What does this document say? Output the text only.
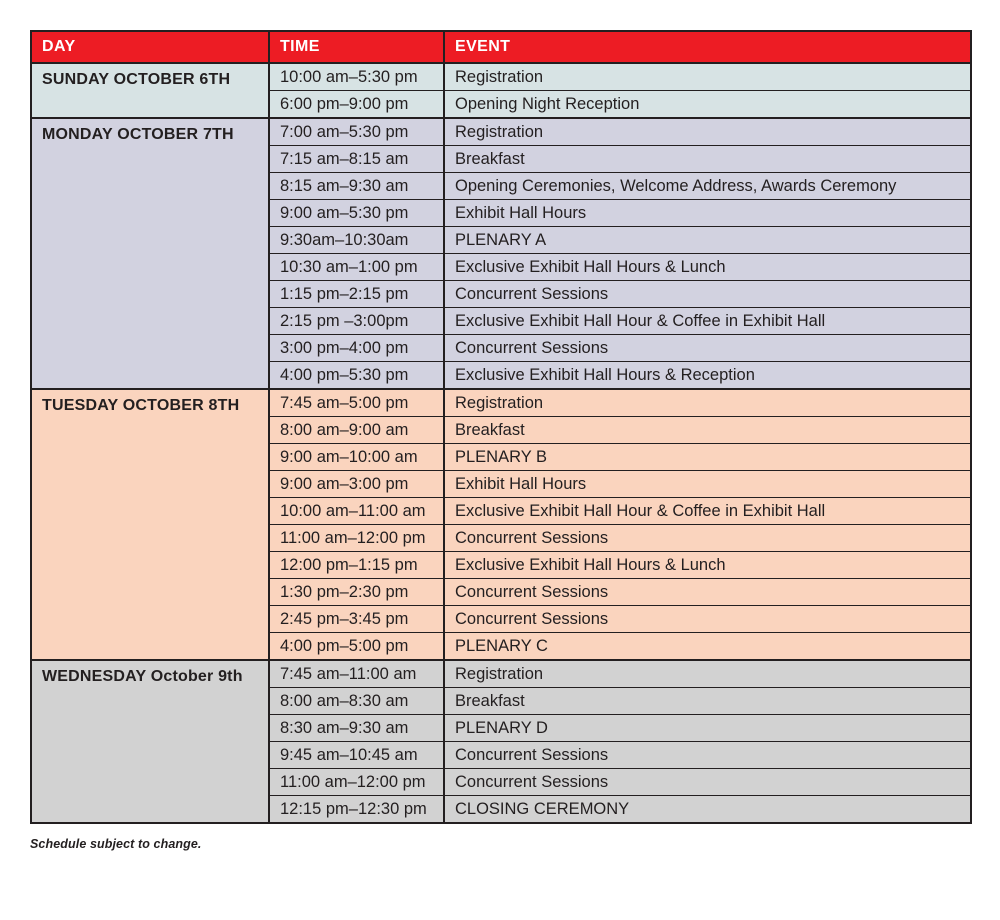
DAY	TIME	EVENT
SUNDAY OCTOBER 6TH	10:00 am–5:30 pm	Registration
	6:00 pm–9:00 pm	Opening Night Reception
MONDAY OCTOBER 7TH	7:00 am–5:30 pm	Registration
	7:15 am–8:15 am	Breakfast
	8:15 am–9:30 am	Opening Ceremonies, Welcome Address, Awards Ceremony
	9:00 am–5:30 pm	Exhibit Hall Hours
	9:30am–10:30am	PLENARY A
	10:30 am–1:00 pm	Exclusive Exhibit Hall Hours & Lunch
	1:15 pm–2:15 pm	Concurrent Sessions
	2:15 pm –3:00pm	Exclusive Exhibit Hall Hour & Coffee in Exhibit Hall
	3:00 pm–4:00 pm	Concurrent Sessions
	4:00 pm–5:30 pm	Exclusive Exhibit Hall Hours & Reception
TUESDAY OCTOBER 8TH	7:45 am–5:00 pm	Registration
	8:00 am–9:00 am	Breakfast
	9:00 am–10:00 am	PLENARY B
	9:00 am–3:00 pm	Exhibit Hall Hours
	10:00 am–11:00 am	Exclusive Exhibit Hall Hour & Coffee in Exhibit Hall
	11:00 am–12:00 pm	Concurrent Sessions
	12:00 pm–1:15 pm	Exclusive Exhibit Hall Hours & Lunch
	1:30 pm–2:30 pm	Concurrent Sessions
	2:45 pm–3:45 pm	Concurrent Sessions
	4:00 pm–5:00 pm	PLENARY C
WEDNESDAY October 9th	7:45 am–11:00 am	Registration
	8:00 am–8:30 am	Breakfast
	8:30 am–9:30 am	PLENARY D
	9:45 am–10:45 am	Concurrent Sessions
	11:00 am–12:00 pm	Concurrent Sessions
	12:15 pm–12:30 pm	CLOSING CEREMONY
Schedule subject to change.
